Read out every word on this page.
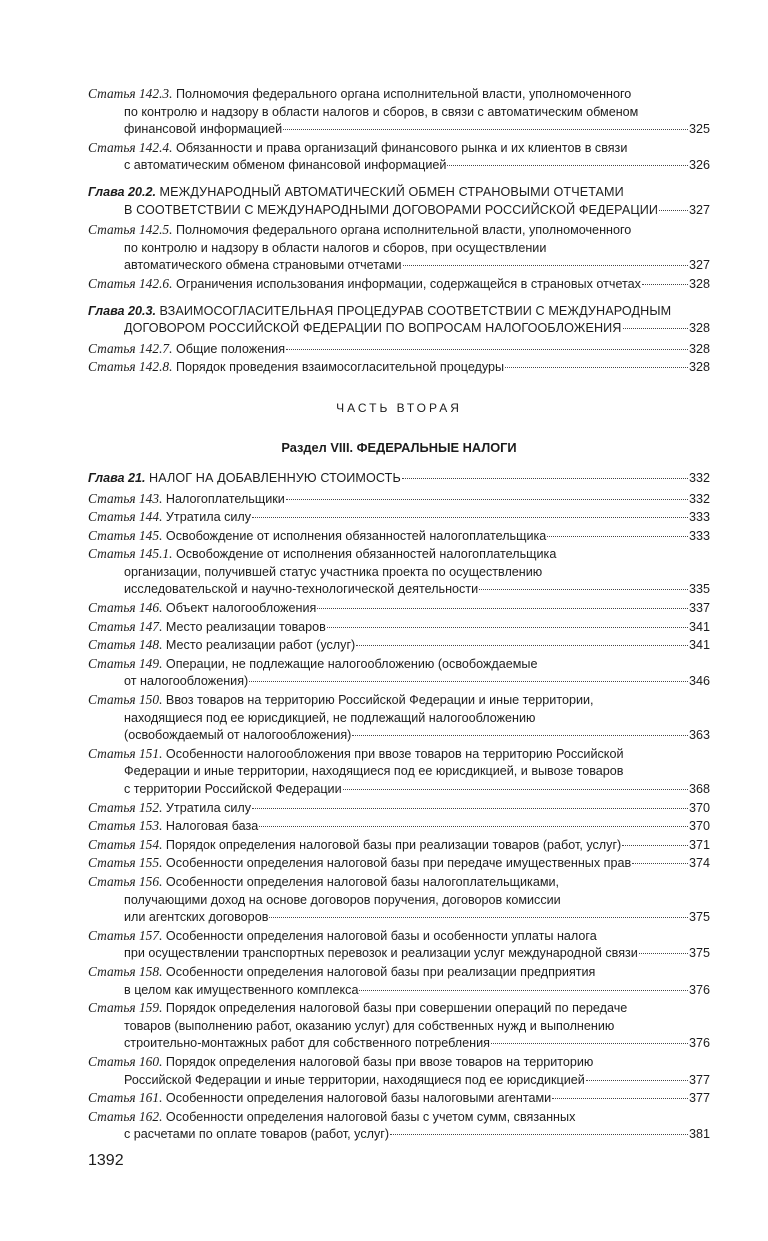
Статья 142.3.
Полномочия федерального органа исполнительной власти, уполномоченного
по контролю и надзору в области налогов и сборов, в связи с автоматическим обменом
финансовой информацией	325
Статья 142.4.
Обязанности и права организаций финансового рынка и их клиентов в связи
с автоматическим обменом финансовой информацией	326
Глава 20.2.
МЕЖДУНАРОДНЫЙ АВТОМАТИЧЕСКИЙ ОБМЕН СТРАНОВЫМИ ОТЧЕТАМИ
В СООТВЕТСТВИИ С МЕЖДУНАРОДНЫМИ ДОГОВОРАМИ РОССИЙСКОЙ ФЕДЕРАЦИИ 327
Статья 142.5.
Полномочия федерального органа исполнительной власти, уполномоченного
по контролю и надзору в области налогов и сборов, при осуществлении
автоматического обмена страновыми отчетами	327
Статья 142.6.
Ограничения использования информации, содержащейся в страновых отчетах	328
Глава 20.3.
ВЗАИМОСОГЛАСИТЕЛЬНАЯ ПРОЦЕДУРАВ СООТВЕТСТВИИ С МЕЖДУНАРОДНЫМ
ДОГОВОРОМ РОССИЙСКОЙ ФЕДЕРАЦИИ ПО ВОПРОСАМ НАЛОГООБЛОЖЕНИЯ	328
Статья 142.7.
Общие положения	328
Статья 142.8.
Порядок проведения взаимосогласительной процедуры	328
ЧАСТЬ ВТОРАЯ
Раздел VIII. ФЕДЕРАЛЬНЫЕ НАЛОГИ
Глава 21.
НАЛОГ НА ДОБАВЛЕННУЮ СТОИМОСТЬ	332
Статья 143.
Налогоплательщики	332
Статья 144.
Утратила силу	333
Статья 145.
Освобождение от исполнения обязанностей налогоплательщика	333
Статья 145.1.
Освобождение от исполнения обязанностей налогоплательщика
организации, получившей статус участника проекта по осуществлению
исследовательской и научно-технологической деятельности	335
Статья 146.
Объект налогообложения	337
Статья 147.
Место реализации товаров	341
Статья 148.
Место реализации работ (услуг)	341
Статья 149.
Операции, не подлежащие налогообложению (освобождаемые
от налогообложения)	346
Статья 150.
Ввоз товаров на территорию Российской Федерации и иные территории,
находящиеся под ее юрисдикцией, не подлежащий налогообложению
(освобождаемый от налогообложения)	363
Статья 151.
Особенности налогообложения при ввозе товаров на территорию Российской
Федерации и иные территории, находящиеся под ее юрисдикцией, и вывозе товаров
с территории Российской Федерации	368
Статья 152.
Утратила силу	370
Статья 153.
Налоговая база	370
Статья 154.
Порядок определения налоговой базы при реализации товаров (работ, услуг)	371
Статья 155.
Особенности определения налоговой базы при передаче имущественных прав	374
Статья 156.
Особенности определения налоговой базы налогоплательщиками,
получающими доход на основе договоров поручения, договоров комиссии
или агентских договоров	375
Статья 157.
Особенности определения налоговой базы и особенности уплаты налога
при осуществлении транспортных перевозок и реализации услуг международной связи	375
Статья 158.
Особенности определения налоговой базы при реализации предприятия
в целом как имущественного комплекса	376
Статья 159.
Порядок определения налоговой базы при совершении операций по передаче
товаров (выполнению работ, оказанию услуг) для собственных нужд и выполнению
строительно-монтажных работ для собственного потребления	376
Статья 160.
Порядок определения налоговой базы при ввозе товаров на территорию
Российской Федерации и иные территории, находящиеся под ее юрисдикцией	377
Статья 161.
Особенности определения налоговой базы налоговыми агентами	377
Статья 162.
Особенности определения налоговой базы с учетом сумм, связанных
с расчетами по оплате товаров (работ, услуг)	381
1392
